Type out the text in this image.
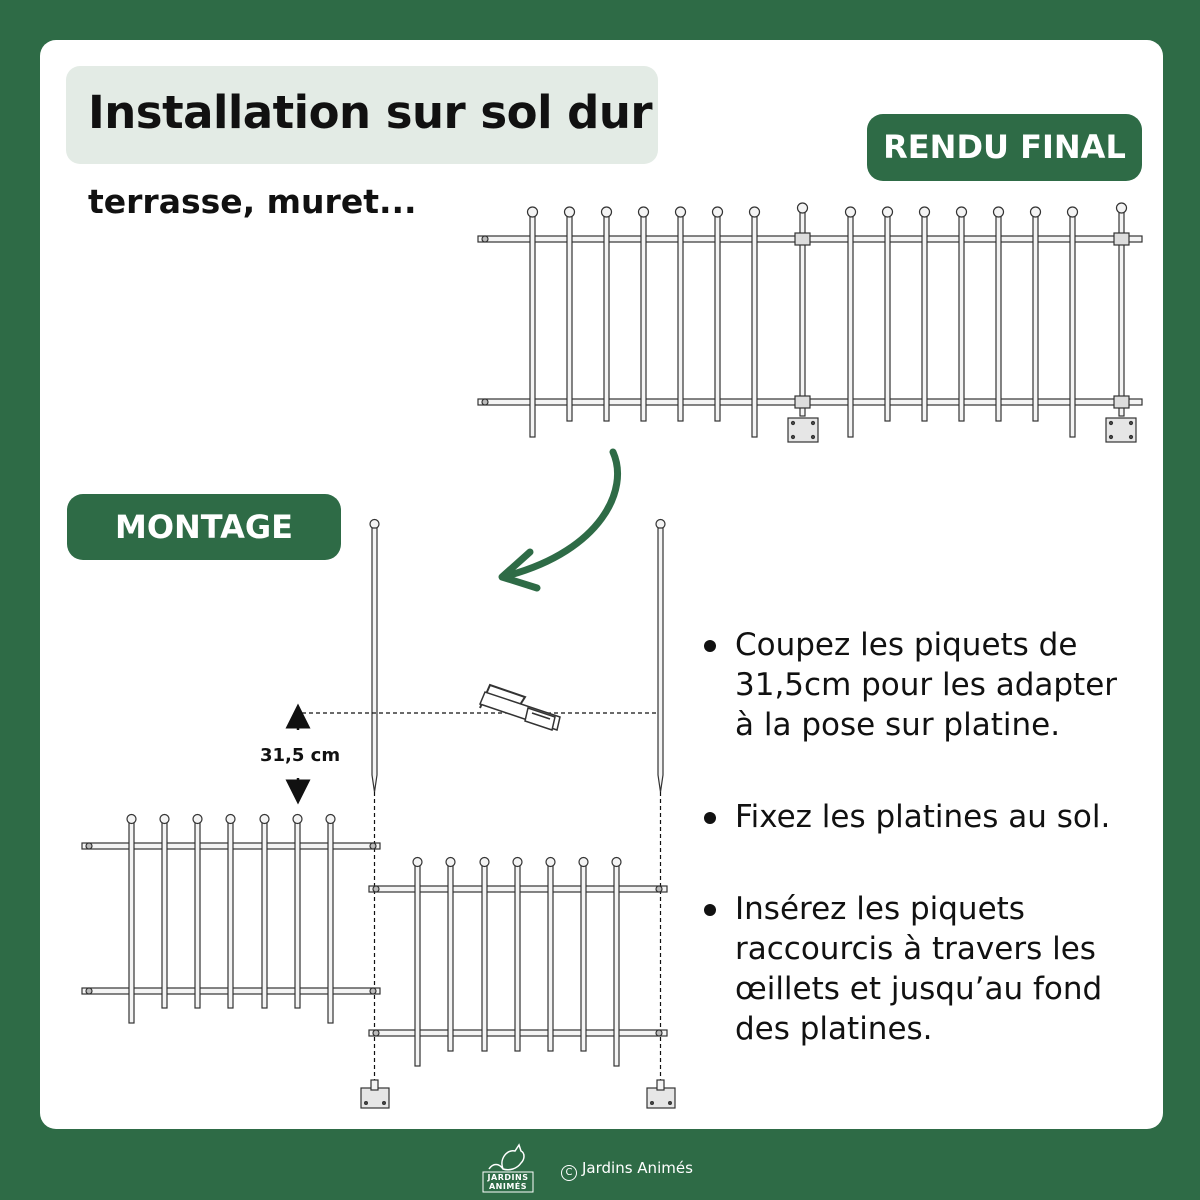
Installation sur sol dur
terrasse, muret...
RENDU FINAL
MONTAGE
31,5 cm
Coupez les piquets de 31,5cm pour les adapter à la pose sur platine.
Fixez les platines au sol.
Insérez les piquets raccourcis à travers les œillets et jusqu’au fond des platines.
JARDINS
ANIMÉS
C Jardins Animés
